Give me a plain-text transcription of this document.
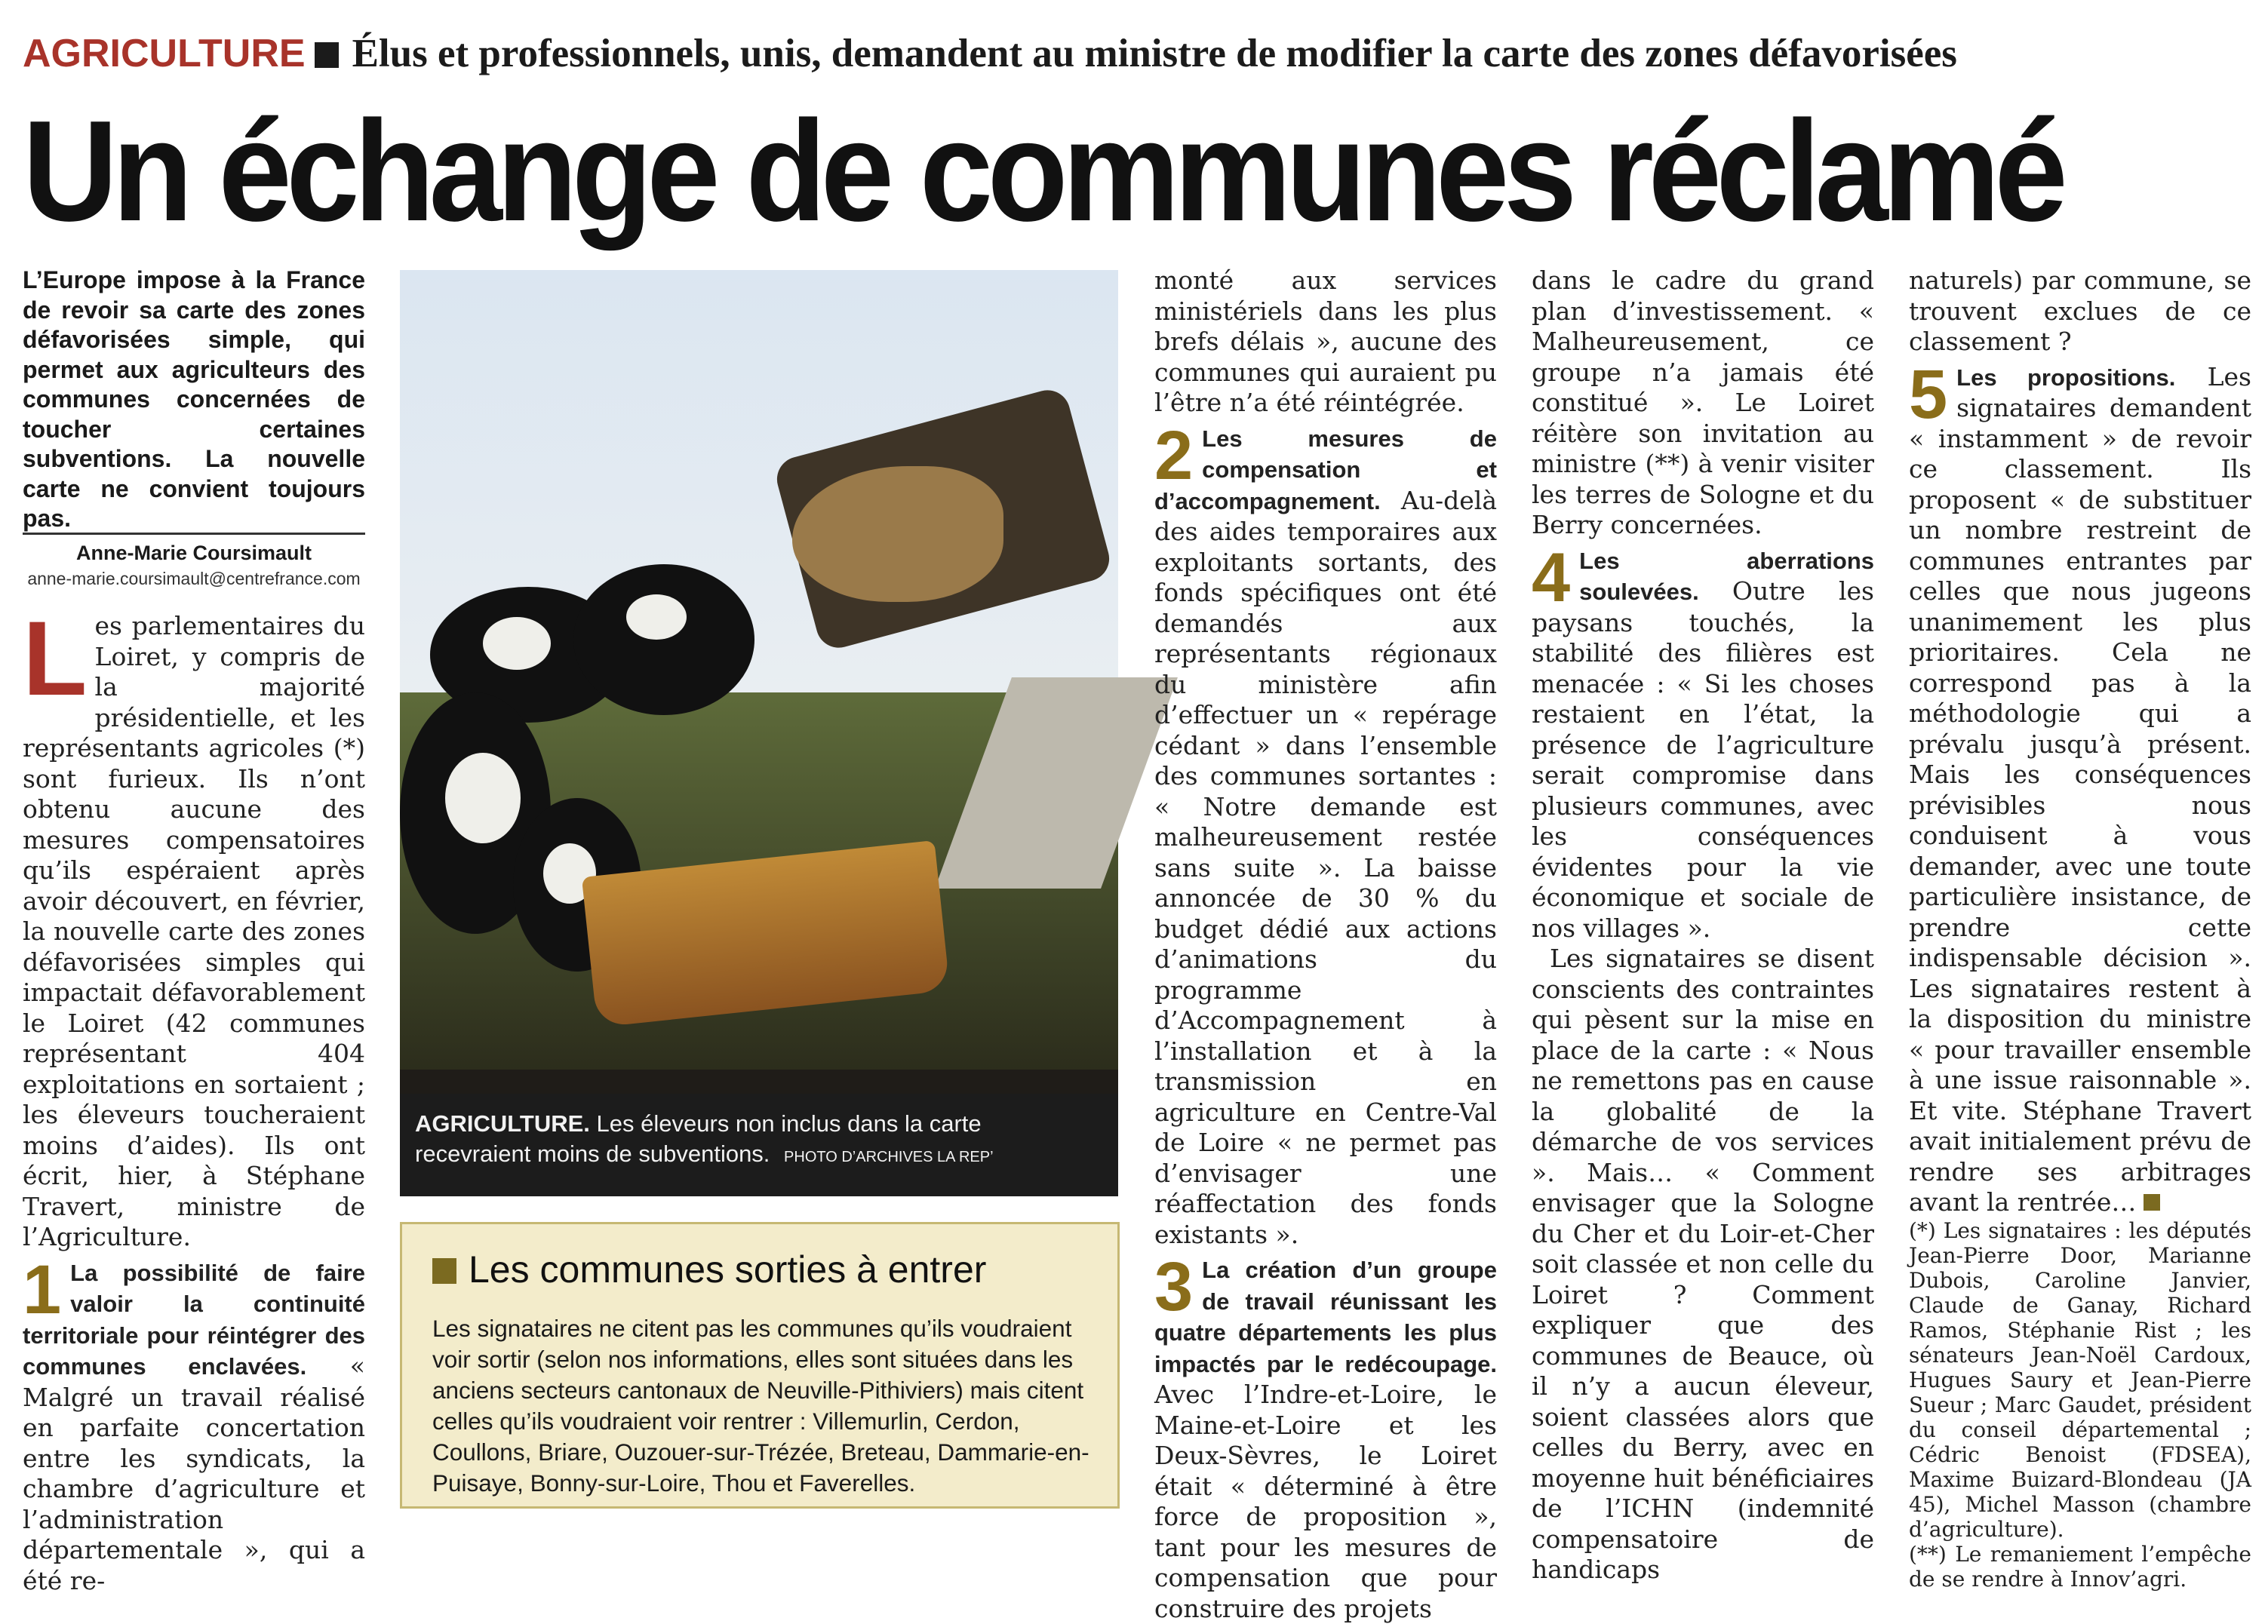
AGRICULTURE Élus et professionnels, unis, demandent au ministre de modifier la carte des zones défavorisées
Un échange de communes réclamé
L’Europe impose à la France de revoir sa carte des zones défavorisées simple, qui permet aux agriculteurs des communes concernées de toucher certaines subventions. La nouvelle carte ne convient toujours pas.
Anne-Marie Coursimault
anne-marie.coursimault@centrefrance.com

Les parlementaires du Loiret, y compris de la majorité présidentielle, et les représentants agricoles (*) sont furieux. Ils n’ont obtenu aucune des mesures compensatoires qu’ils espéraient après avoir découvert, en février, la nouvelle carte des zones défavorisées simples qui impactait défavorablement le Loiret (42 communes représentant 404 exploitations en sortaient ; les éleveurs toucheraient moins d’aides). Ils ont écrit, hier, à Stéphane Travert, ministre de l’Agriculture.

1 La possibilité de faire valoir la continuité territoriale pour réintégrer des communes enclavées. « Malgré un travail réalisé en parfaite concertation entre les syndicats, la chambre d’agriculture et l’administration départementale », qui a été re-

AGRICULTURE. Les éleveurs non inclus dans la carte recevraient moins de subventions. PHOTO D’ARCHIVES LA REP’
Les communes sorties à entrer
Les signataires ne citent pas les communes qu’ils voudraient voir sortir (selon nos informations, elles sont situées dans les anciens secteurs cantonaux de Neuville-Pithiviers) mais citent celles qu’ils voudraient voir rentrer : Villemurlin, Cerdon, Coullons, Briare, Ouzouer-sur-Trézée, Breteau, Dammarie-en-Puisaye, Bonny-sur-Loire, Thou et Faverelles.

monté aux services ministériels dans les plus brefs délais », aucune des communes qui auraient pu l’être n’a été réintégrée.

2 Les mesures de compensation et d’accompagnement. Au-delà des aides temporaires aux exploitants sortants, des fonds spécifiques ont été demandés aux représentants régionaux du ministère afin d’effectuer un « repérage cédant » dans l’ensemble des communes sortantes : « Notre demande est malheureusement restée sans suite ». La baisse annoncée de 30 % du budget dédié aux actions d’animations du programme d’Accompagnement à l’installation et à la transmission en agriculture en Centre-Val de Loire « ne permet pas d’envisager une réaffectation des fonds existants ».

3 La création d’un groupe de travail réunissant les quatre départements les plus impactés par le redécoupage. Avec l’Indre-et-Loire, le Maine-et-Loire et les Deux-Sèvres, le Loiret était « déterminé à être force de proposition », tant pour les mesures de compensation que pour construire des projets

dans le cadre du grand plan d’investissement. « Malheureusement, ce groupe n’a jamais été constitué ». Le Loiret réitère son invitation au ministre (**) à venir visiter les terres de Sologne et du Berry concernées.

4 Les aberrations soulevées. Outre les paysans touchés, la stabilité des filières est menacée : « Si les choses restaient en l’état, la présence de l’agriculture serait compromise dans plusieurs communes, avec les conséquences évidentes pour la vie économique et sociale de nos villages ».

Les signataires se disent conscients des contraintes qui pèsent sur la mise en place de la carte : « Nous ne remettons pas en cause la globalité de la démarche de vos services ». Mais… « Comment envisager que la Sologne du Cher et du Loir-et-Cher soit classée et non celle du Loiret ? Comment expliquer que des communes de Beauce, où il n’y a aucun éleveur, soient classées alors que celles du Berry, avec en moyenne huit bénéficiaires de l’ICHN (indemnité compensatoire de handicaps

naturels) par commune, se trouvent exclues de ce classement ?

5 Les propositions. Les signataires demandent « instamment » de revoir ce classement. Ils proposent « de substituer un nombre restreint de communes entrantes par celles que nous jugeons unanimement les plus prioritaires. Cela ne correspond pas à la méthodologie qui a prévalu jusqu’à présent. Mais les conséquences prévisibles nous conduisent à vous demander, avec une toute particulière insistance, de prendre cette indispensable décision ». Les signataires restent à la disposition du ministre « pour travailler ensemble à une issue raisonnable ». Et vite. Stéphane Travert avait initialement prévu de rendre ses arbitrages avant la rentrée…

(*) Les signataires : les députés Jean-Pierre Door, Marianne Dubois, Caroline Janvier, Claude de Ganay, Richard Ramos, Stéphanie Rist ; les sénateurs Jean-Noël Cardoux, Hugues Saury et Jean-Pierre Sueur ; Marc Gaudet, président du conseil départemental ; Cédric Benoist (FDSEA), Maxime Buizard-Blondeau (JA 45), Michel Masson (chambre d’agriculture).

(**) Le remaniement l’empêche de se rendre à Innov’agri.
